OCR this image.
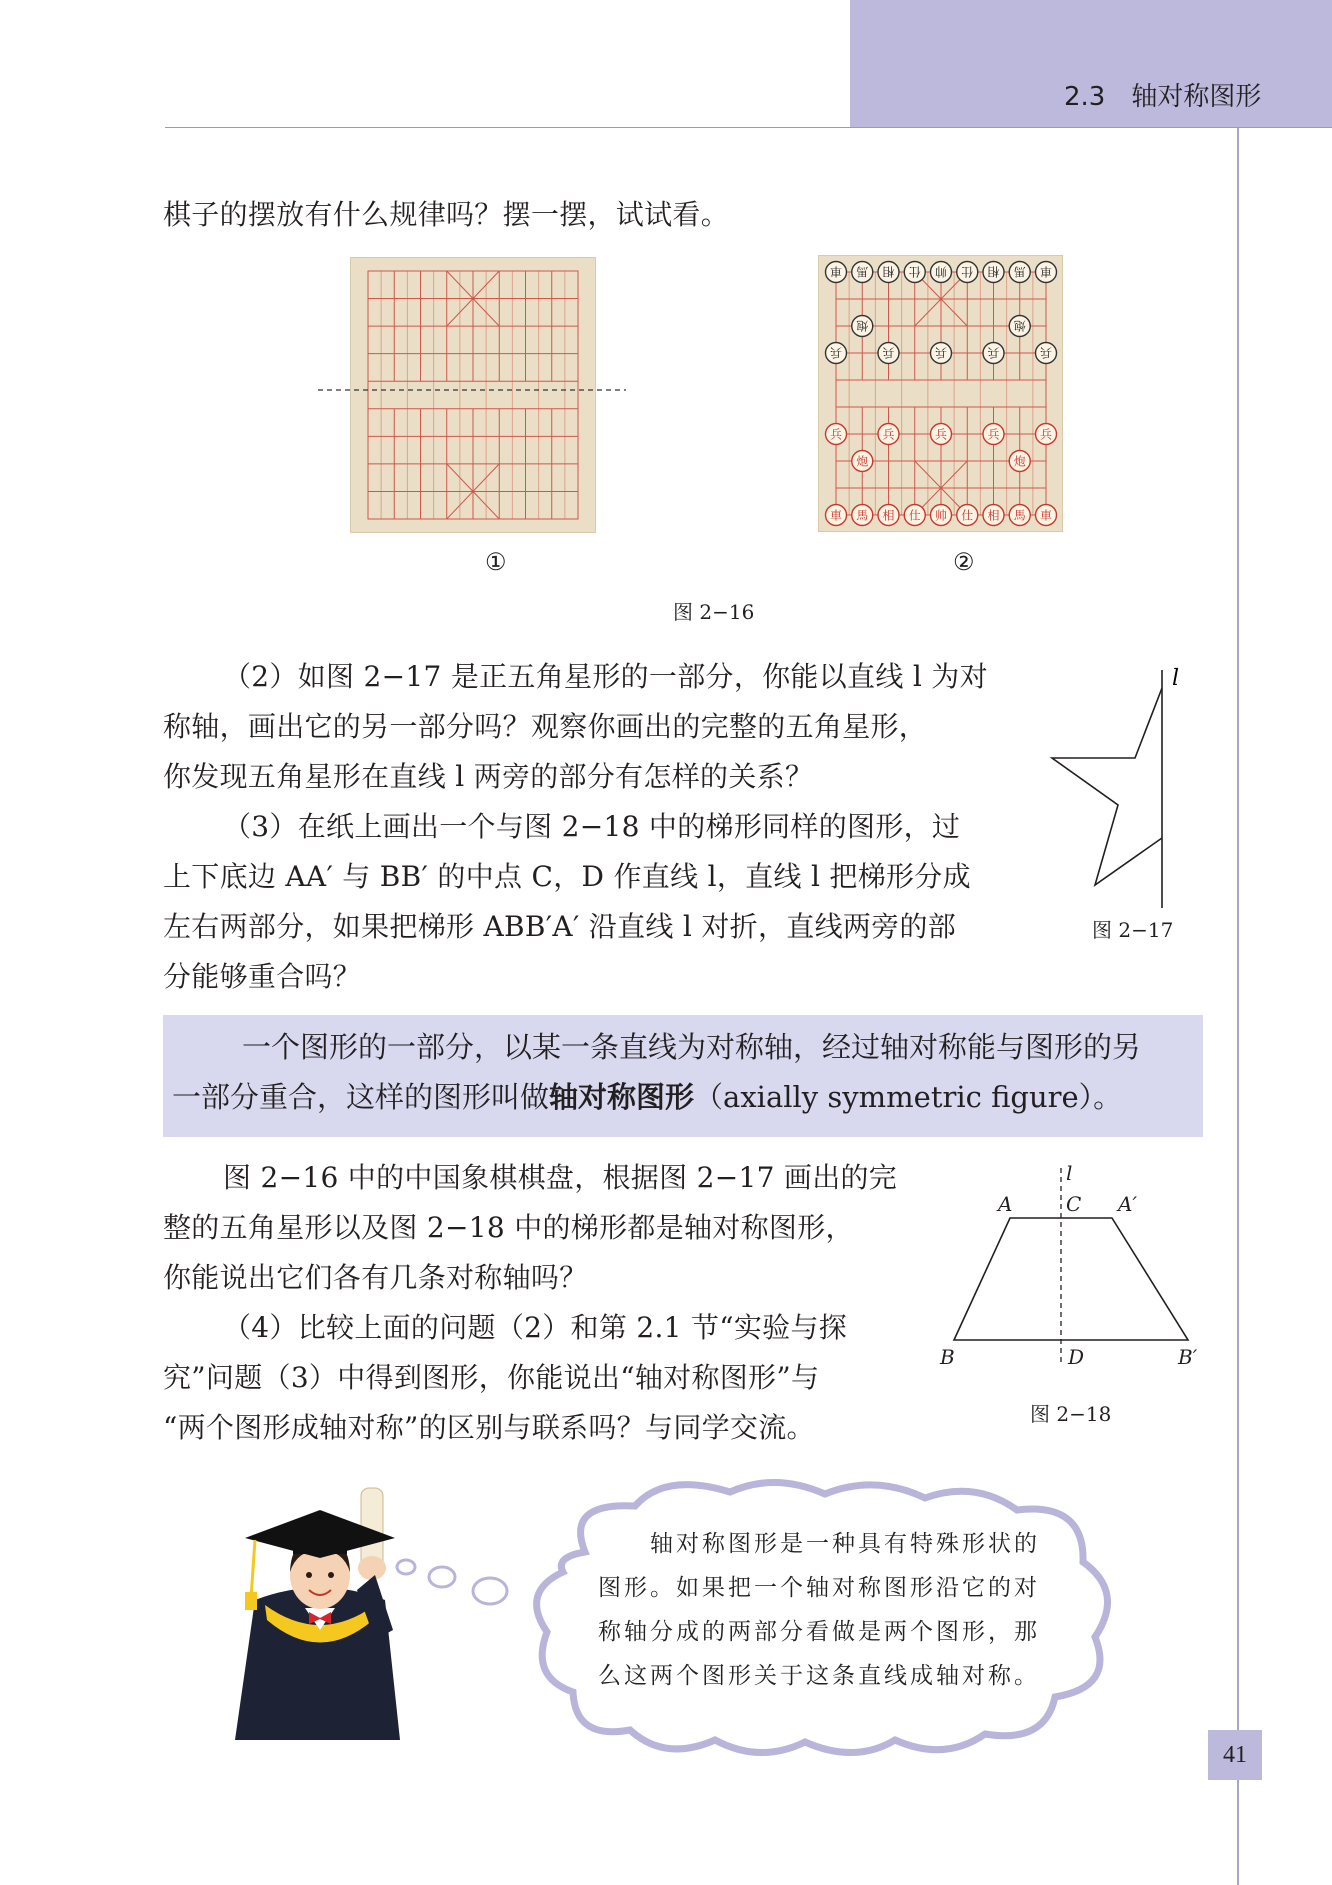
2.3　轴对称图形
棋子的摆放有什么规律吗？摆一摆，试试看。
①
車 馬 相 仕 帅 仕 相 馬 車
炮	炮
兵	兵	兵	兵	兵
兵	兵	兵	兵	兵
炮	炮
車 馬 相 仕 帅 仕 相 馬 車
②
图 2−16
（2）如图 2−17 是正五角星形的一部分，你能以直线 l 为对
称轴，画出它的另一部分吗？观察你画出的完整的五角星形，
你发现五角星形在直线 l 两旁的部分有怎样的关系？
（3）在纸上画出一个与图 2−18 中的梯形同样的图形，过
上下底边 AA′ 与 BB′ 的中点 C，D 作直线 l，直线 l 把梯形分成
左右两部分，如果把梯形 ABB′A′ 沿直线 l 对折，直线两旁的部
分能够重合吗？
l
图 2−17
一个图形的一部分，以某一条直线为对称轴，经过轴对称能与图形的另
一部分重合，这样的图形叫做轴对称图形（axially symmetric figure）。
图 2−16 中的中国象棋棋盘，根据图 2−17 画出的完
整的五角星形以及图 2−18 中的梯形都是轴对称图形，
你能说出它们各有几条对称轴吗？
（4）比较上面的问题（2）和第 2.1 节“实验与探
究”问题（3）中得到图形，你能说出“轴对称图形”与
“两个图形成轴对称”的区别与联系吗？与同学交流。
l
A	C A′
B	D	B′
图 2−18
轴对称图形是一种具有特殊形状的
图形。如果把一个轴对称图形沿它的对
称轴分成的两部分看做是两个图形，那
么这两个图形关于这条直线成轴对称。
41
